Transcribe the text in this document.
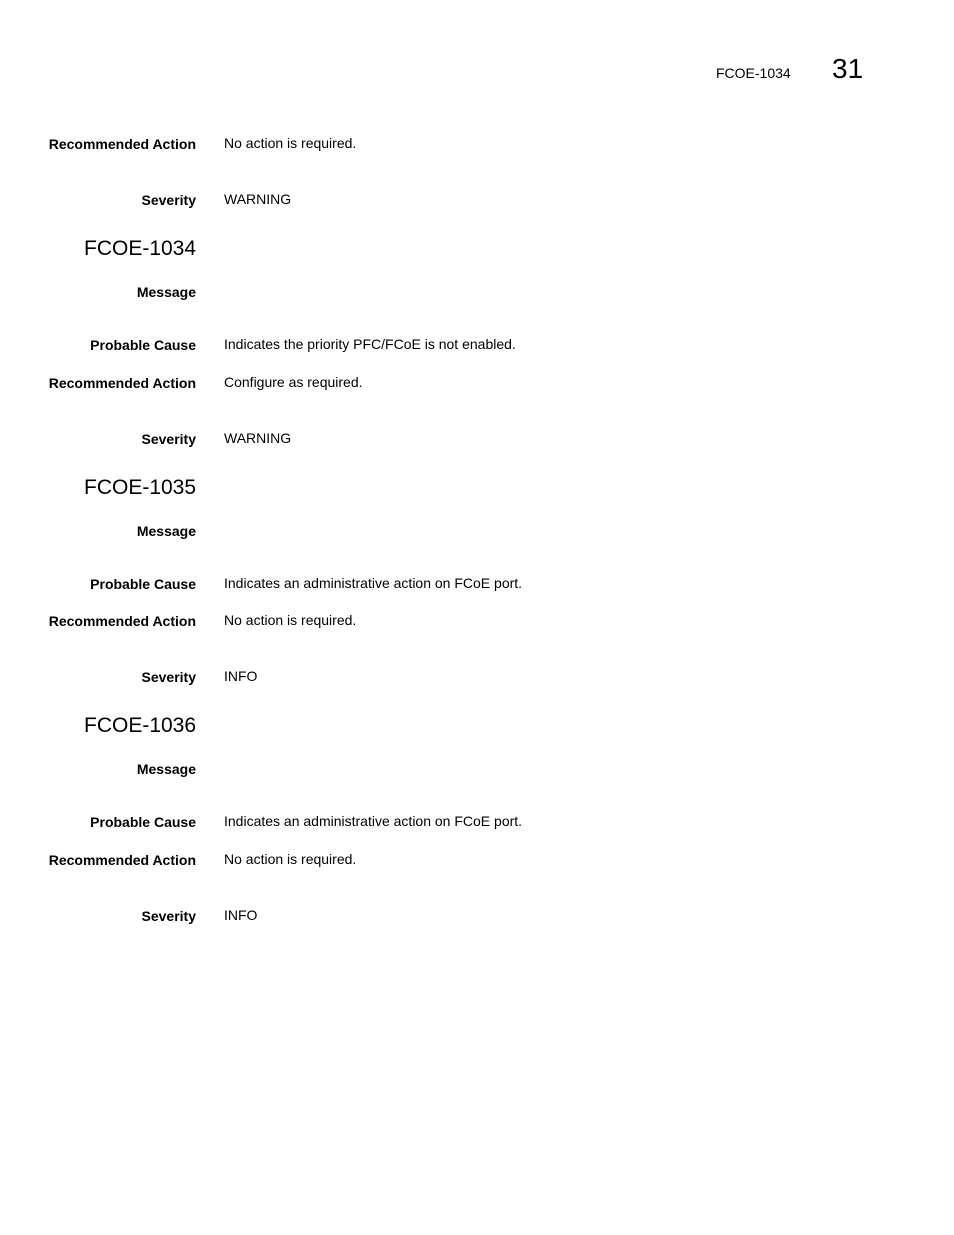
FCOE-1034 31
Recommended Action No action is required.
Severity WARNING
FCOE-1034
Message
Probable Cause Indicates the priority PFC/FCoE is not enabled.
Recommended Action Configure as required.
Severity WARNING
FCOE-1035
Message
Probable Cause Indicates an administrative action on FCoE port.
Recommended Action No action is required.
Severity INFO
FCOE-1036
Message
Probable Cause Indicates an administrative action on FCoE port.
Recommended Action No action is required.
Severity INFO
